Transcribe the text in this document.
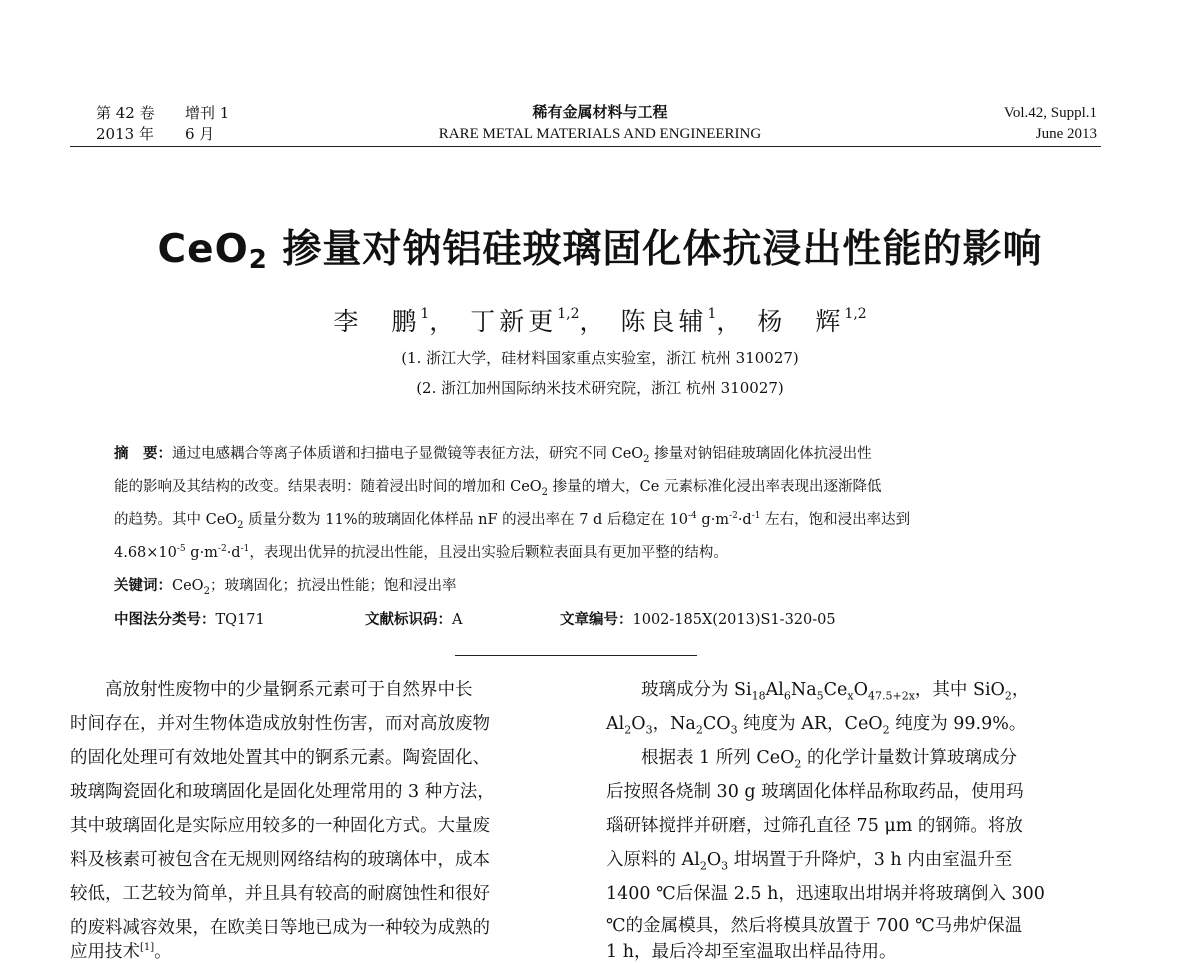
第 42 卷 增刊 1
2013 年 6 月
稀有金属材料与工程
RARE METAL MATERIALS AND ENGINEERING
Vol.42, Suppl.1
June 2013
CeO$_2$ 掺量对钠铝硅玻璃固化体抗浸出性能的影响
李　鹏$^1$， 丁新更$^{1,2}$， 陈良辅$^1$， 杨　辉$^{1,2}$
(1. 浙江大学，硅材料国家重点实验室，浙江 杭州 310027)
(2. 浙江加州国际纳米技术研究院，浙江 杭州 310027)
摘　要：通过电感耦合等离子体质谱和扫描电子显微镜等表征方法，研究不同 CeO$_2$ 掺量对钠铝硅玻璃固化体抗浸出性
能的影响及其结构的改变。结果表明：随着浸出时间的增加和 CeO$_2$ 掺量的增大，Ce 元素标准化浸出率表现出逐渐降低
的趋势。其中 CeO$_2$ 质量分数为 11%的玻璃固化体样品 nF 的浸出率在 7 d 后稳定在 $10^{-4}$ $g\cdot m^{-2}\cdot d^{-1}$ 左右，饱和浸出率达到
$4.68\times 10^{-5}$ $g\cdot m^{-2}\cdot d^{-1}$，表现出优异的抗浸出性能，且浸出实验后颗粒表面具有更加平整的结构。
关键词：CeO$_2$；玻璃固化；抗浸出性能；饱和浸出率
中图法分类号：TQ171	文献标识码：A	文章编号：1002-185X(2013)S1-320-05
　　高放射性废物中的少量锕系元素可于自然界中长
时间存在，并对生物体造成放射性伤害，而对高放废物
的固化处理可有效地处置其中的锕系元素。陶瓷固化、
玻璃陶瓷固化和玻璃固化是固化处理常用的 3 种方法，
其中玻璃固化是实际应用较多的一种固化方式。大量废
料及核素可被包含在无规则网络结构的玻璃体中，成本
较低，工艺较为简单，并且具有较高的耐腐蚀性和很好
的废料减容效果，在欧美日等地已成为一种较为成熟的
应用技术[1]。
　　玻璃成分为 $Si_{18}Al_6Na_5Ce_xO_{47.5+2x}$，其中 SiO$_2$，
$Al_2O_3$，$Na_2CO_3$ 纯度为 AR，CeO$_2$ 纯度为 99.9%。
　　根据表 1 所列 CeO$_2$ 的化学计量数计算玻璃成分
后按照各烧制 30 g 玻璃固化体样品称取药品，使用玛
瑙研钵搅拌并研磨，过筛孔直径 75 μm 的钢筛。将放
入原料的 $Al_2O_3$ 坩埚置于升降炉，3 h 内由室温升至
1400 ℃后保温 2.5 h，迅速取出坩埚并将玻璃倒入 300
℃的金属模具，然后将模具放置于 700 ℃马弗炉保温
1 h，最后冷却至室温取出样品待用。
